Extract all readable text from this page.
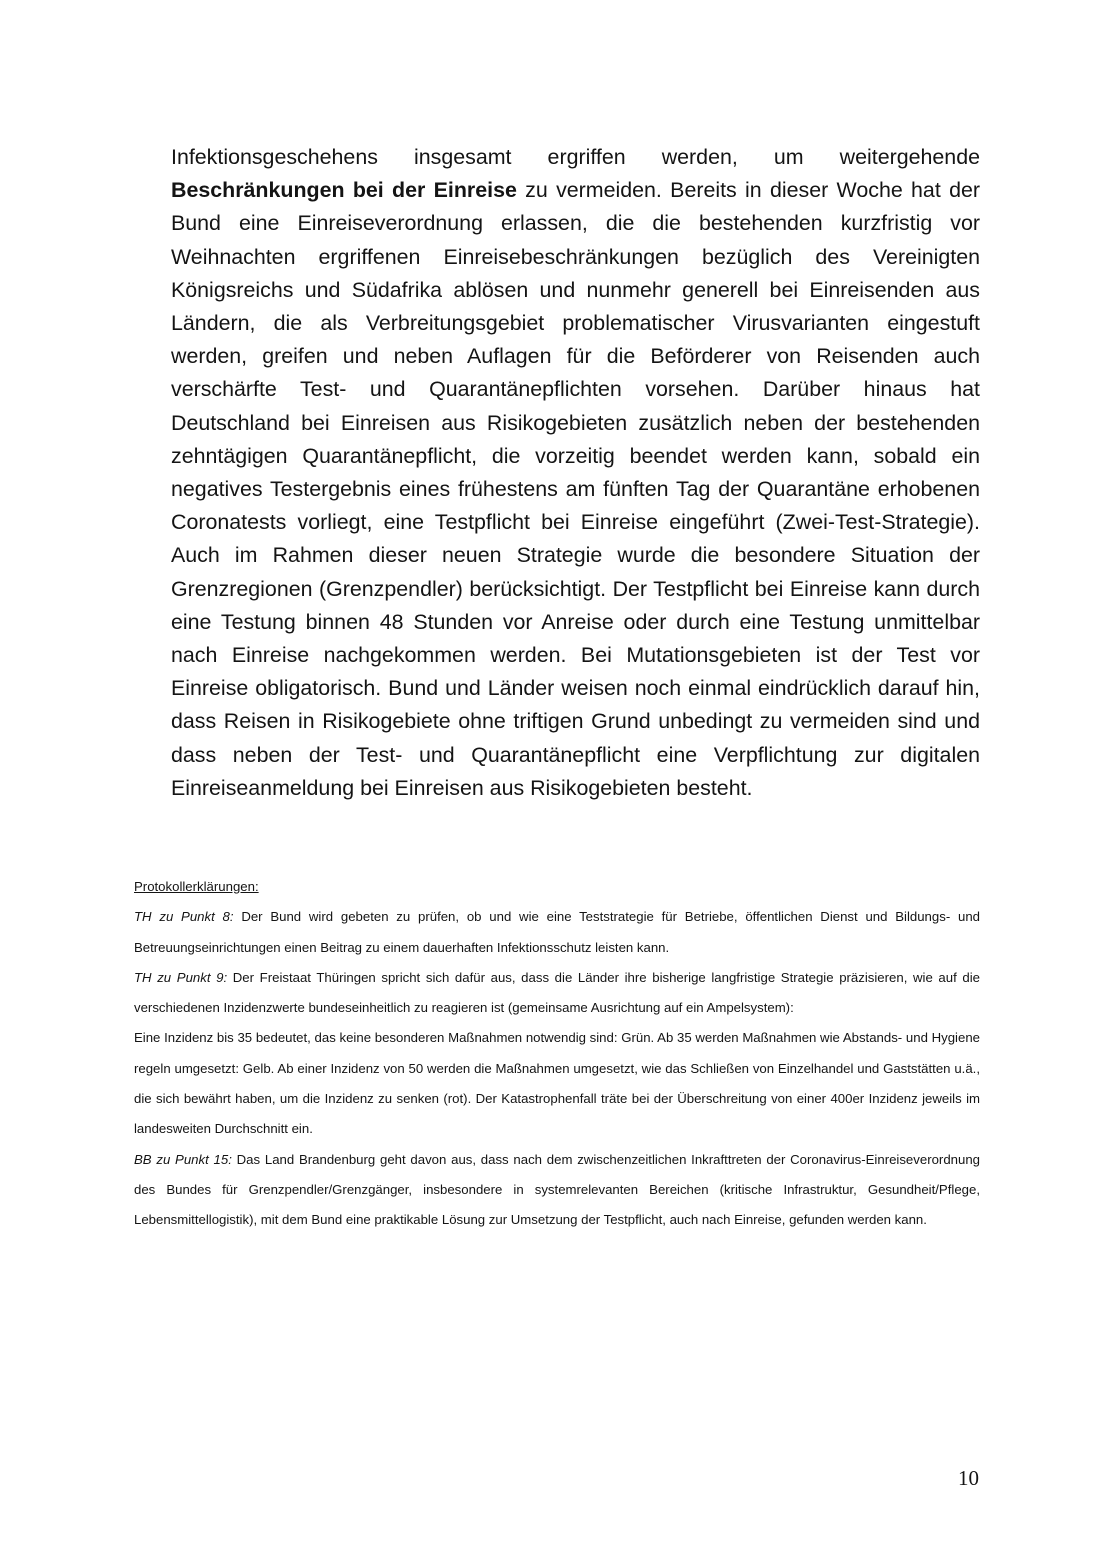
Infektionsgeschehens insgesamt ergriffen werden, um weitergehende Beschränkungen bei der Einreise zu vermeiden. Bereits in dieser Woche hat der Bund eine Einreiseverordnung erlassen, die die bestehenden kurzfristig vor Weihnachten ergriffenen Einreisebeschränkungen bezüglich des Vereinigten Königsreichs und Südafrika ablösen und nunmehr generell bei Einreisenden aus Ländern, die als Verbreitungsgebiet problematischer Virusvarianten eingestuft werden, greifen und neben Auflagen für die Beförderer von Reisenden auch verschärfte Test- und Quarantänepflichten vorsehen. Darüber hinaus hat Deutschland bei Einreisen aus Risikogebieten zusätzlich neben der bestehenden zehntägigen Quarantänepflicht, die vorzeitig beendet werden kann, sobald ein negatives Testergebnis eines frühestens am fünften Tag der Quarantäne erhobenen Coronatests vorliegt, eine Testpflicht bei Einreise eingeführt (Zwei-Test-Strategie). Auch im Rahmen dieser neuen Strategie wurde die besondere Situation der Grenzregionen (Grenzpendler) berücksichtigt. Der Testpflicht bei Einreise kann durch eine Testung binnen 48 Stunden vor Anreise oder durch eine Testung unmittelbar nach Einreise nachgekommen werden. Bei Mutationsgebieten ist der Test vor Einreise obligatorisch. Bund und Länder weisen noch einmal eindrücklich darauf hin, dass Reisen in Risikogebiete ohne triftigen Grund unbedingt zu vermeiden sind und dass neben der Test- und Quarantänepflicht eine Verpflichtung zur digitalen Einreiseanmeldung bei Einreisen aus Risikogebieten besteht.

Protokollerklärungen:

TH zu Punkt 8: Der Bund wird gebeten zu prüfen, ob und wie eine Teststrategie für Betriebe, öffentlichen Dienst und Bildungs- und Betreuungseinrichtungen einen Beitrag zu einem dauerhaften Infektionsschutz leisten kann.

TH zu Punkt 9: Der Freistaat Thüringen spricht sich dafür aus, dass die Länder ihre bisherige langfristige Strategie präzisieren, wie auf die verschiedenen Inzidenzwerte bundeseinheitlich zu reagieren ist (gemeinsame Ausrichtung auf ein Ampelsystem):

Eine Inzidenz bis 35 bedeutet, das keine besonderen Maßnahmen notwendig sind: Grün. Ab 35 werden Maßnahmen wie Abstands- und Hygiene regeln umgesetzt: Gelb. Ab einer Inzidenz von 50 werden die Maßnahmen umgesetzt, wie das Schließen von Einzelhandel und Gaststätten u.ä., die sich bewährt haben, um die Inzidenz zu senken (rot). Der Katastrophenfall träte bei der Überschreitung von einer 400er Inzidenz jeweils im landesweiten Durchschnitt ein.

BB zu Punkt 15: Das Land Brandenburg geht davon aus, dass nach dem zwischenzeitlichen Inkrafttreten der Coronavirus-Einreiseverordnung des Bundes für Grenzpendler/Grenzgänger, insbesondere in systemrelevanten Bereichen (kritische Infrastruktur, Gesundheit/Pflege, Lebensmittellogistik), mit dem Bund eine praktikable Lösung zur Umsetzung der Testpflicht, auch nach Einreise, gefunden werden kann.

10
